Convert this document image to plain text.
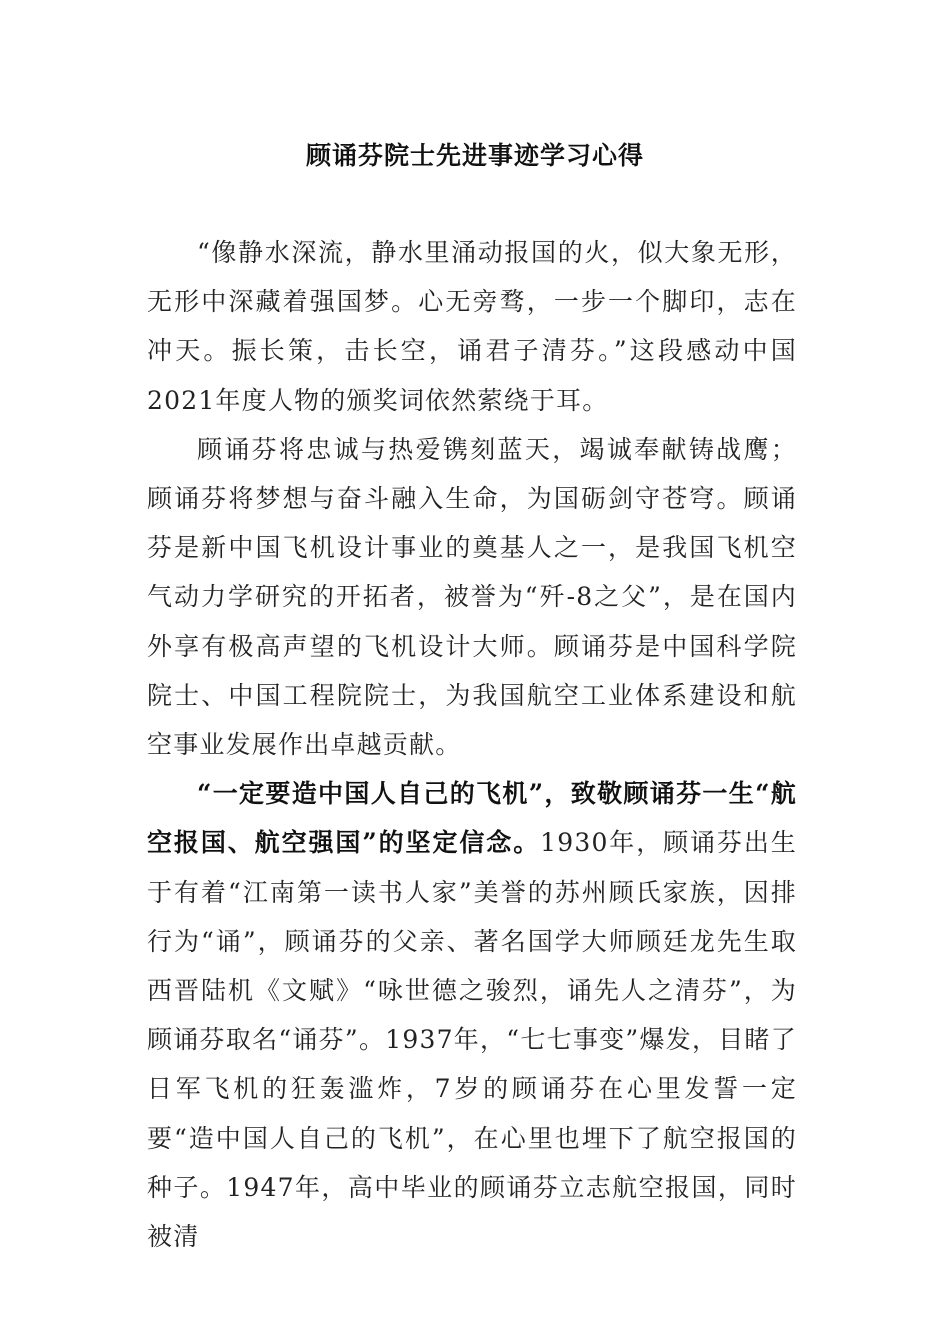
顾诵芬院士先进事迹学习心得

“像静水深流，静水里涌动报国的火，似大象无形，无形中深藏着强国梦。心无旁骛，一步一个脚印，志在冲天。振长策，击长空，诵君子清芬。”这段感动中国2021年度人物的颁奖词依然萦绕于耳。

顾诵芬将忠诚与热爱镌刻蓝天，竭诚奉献铸战鹰；顾诵芬将梦想与奋斗融入生命，为国砺剑守苍穹。顾诵芬是新中国飞机设计事业的奠基人之一，是我国飞机空气动力学研究的开拓者，被誉为“歼-8之父”，是在国内外享有极高声望的飞机设计大师。顾诵芬是中国科学院院士、中国工程院院士，为我国航空工业体系建设和航空事业发展作出卓越贡献。

“一定要造中国人自己的飞机”，致敬顾诵芬一生“航空报国、航空强国”的坚定信念。1930年，顾诵芬出生于有着“江南第一读书人家”美誉的苏州顾氏家族，因排行为“诵”，顾诵芬的父亲、著名国学大师顾廷龙先生取西晋陆机《文赋》“咏世德之骏烈，诵先人之清芬”，为顾诵芬取名“诵芬”。1937年，“七七事变”爆发，目睹了日军飞机的狂轰滥炸，7岁的顾诵芬在心里发誓一定要“造中国人自己的飞机”，在心里也埋下了航空报国的种子。1947年，高中毕业的顾诵芬立志航空报国，同时被清
